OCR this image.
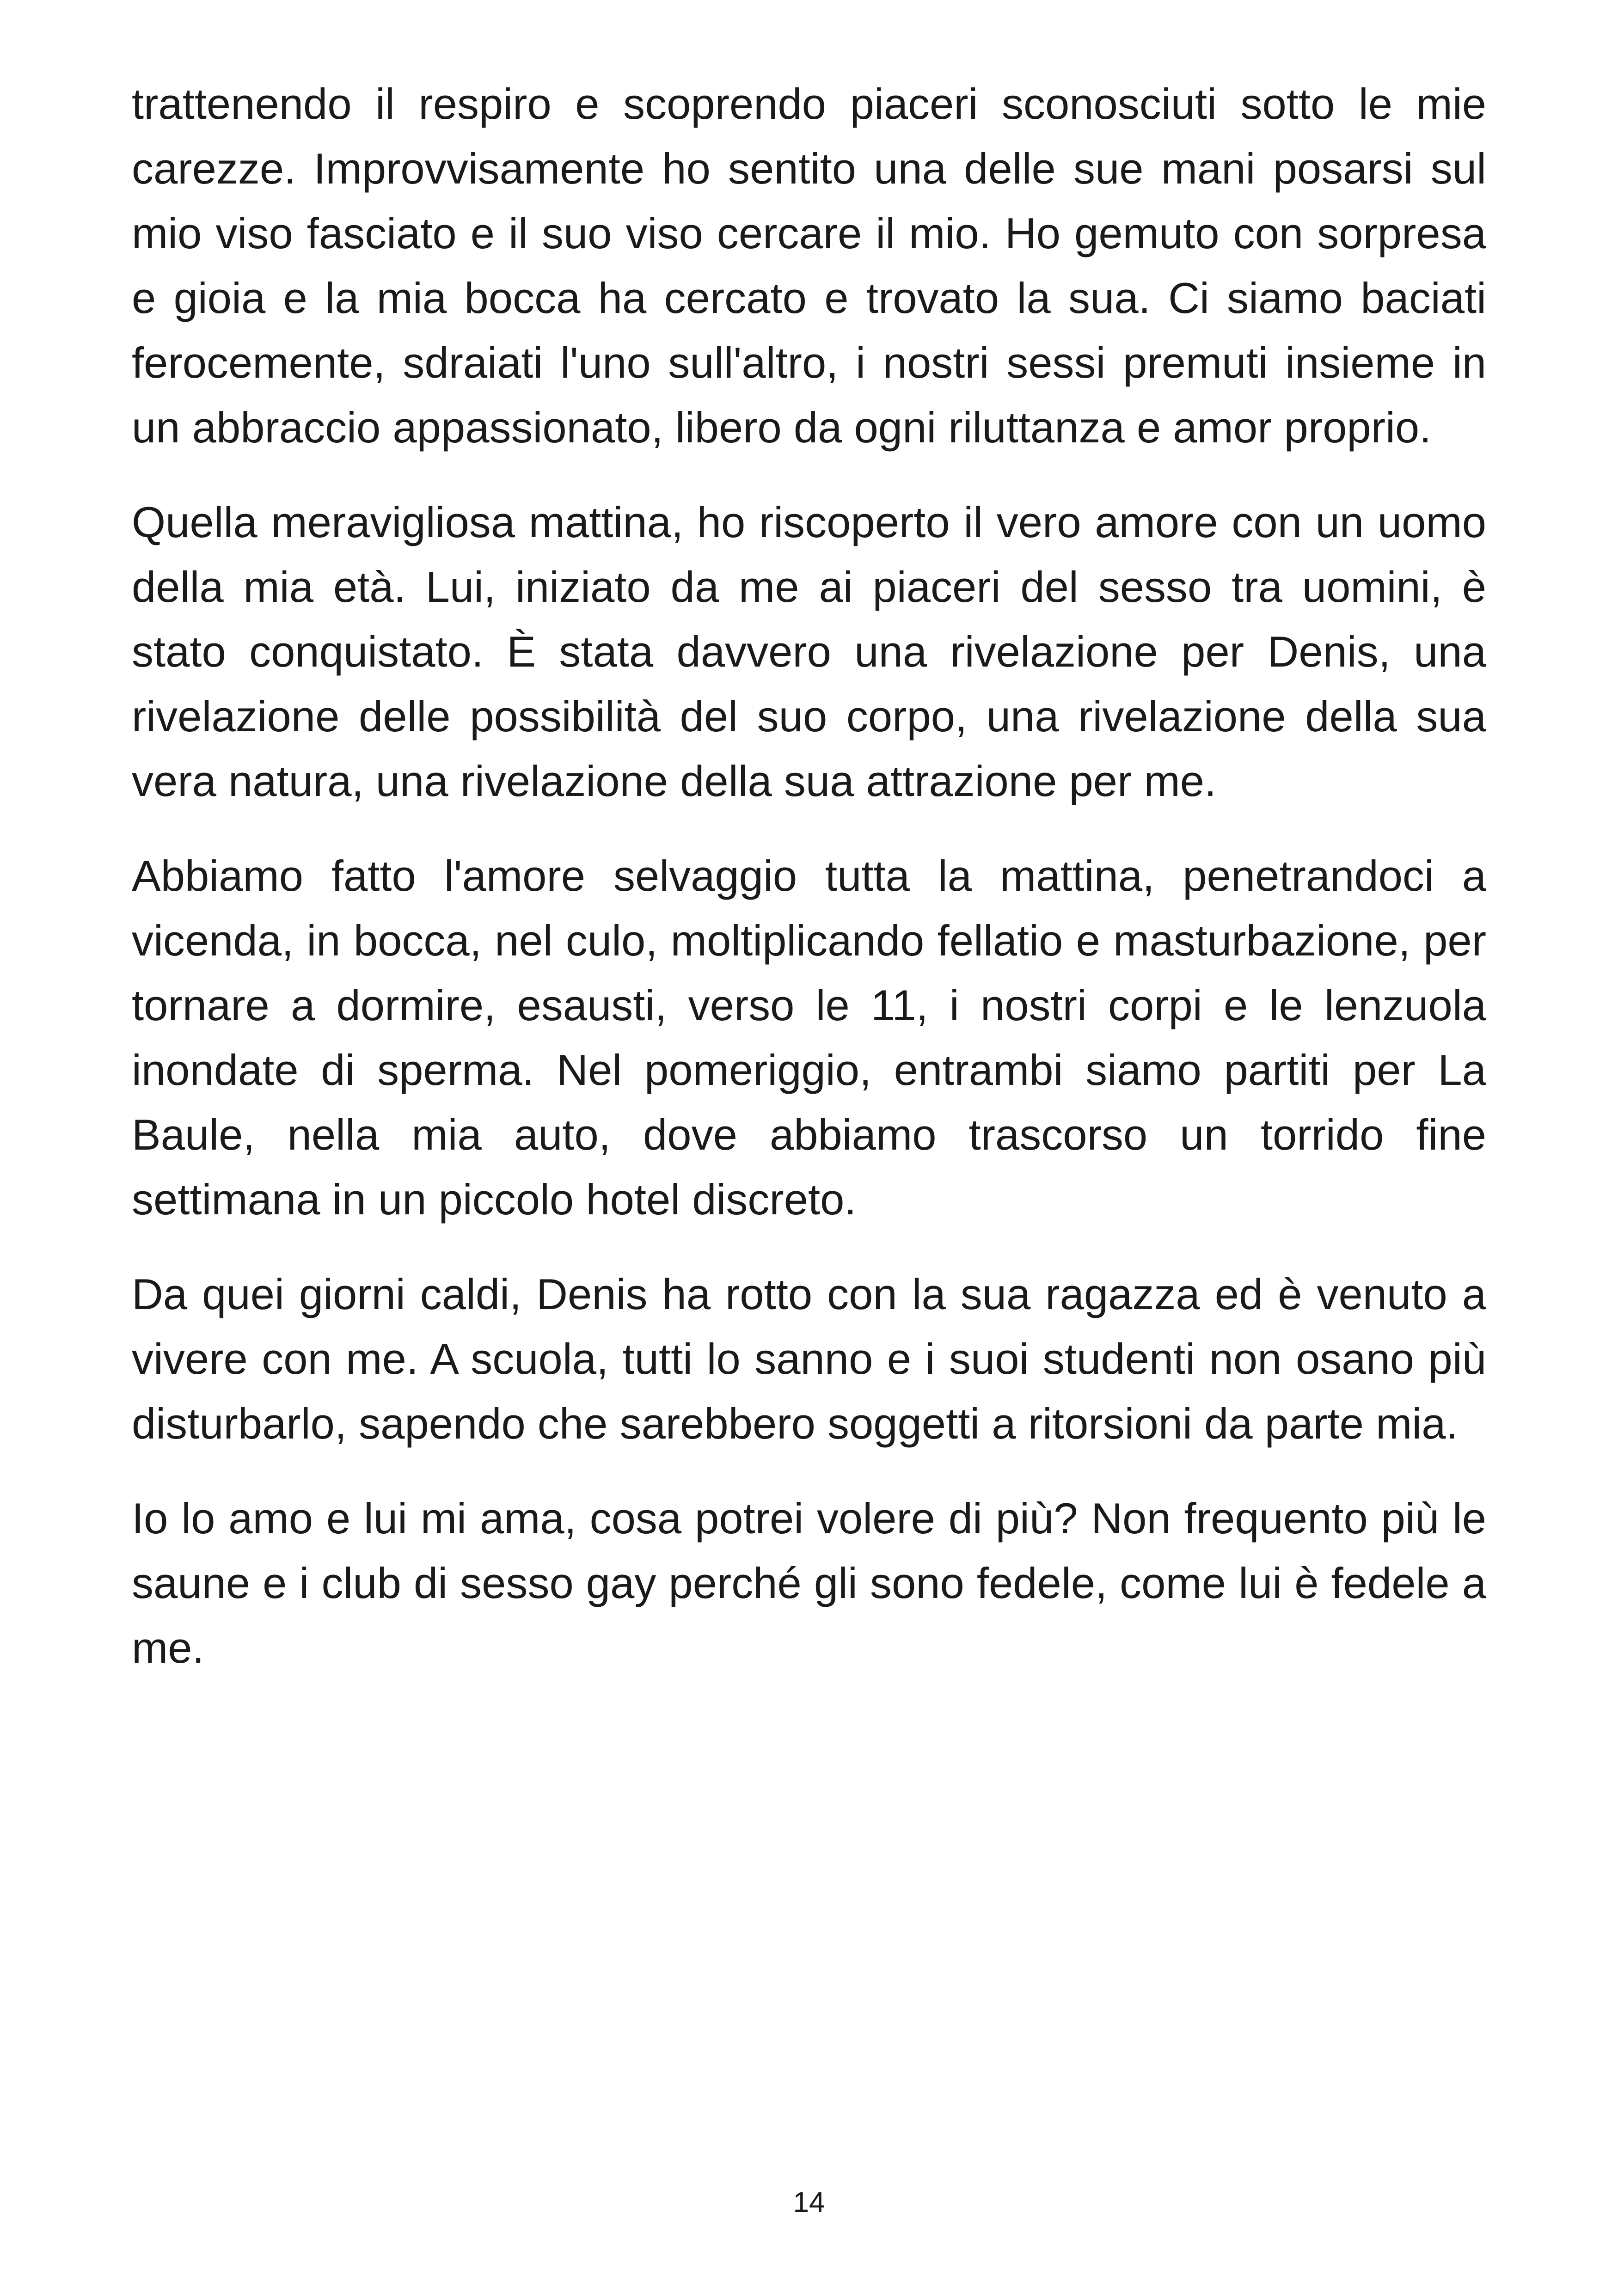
trattenendo il respiro e scoprendo piaceri sconosciuti sotto le mie carezze. Improvvisamente ho sentito una delle sue mani posarsi sul mio viso fasciato e il suo viso cercare il mio. Ho gemuto con sorpresa e gioia e la mia bocca ha cercato e trovato la sua. Ci siamo baciati ferocemente, sdraiati l'uno sull'altro, i nostri sessi premuti insieme in un abbraccio appassionato, libero da ogni riluttanza e amor proprio.

Quella meravigliosa mattina, ho riscoperto il vero amore con un uomo della mia età. Lui, iniziato da me ai piaceri del sesso tra uomini, è stato conquistato. È stata davvero una rivelazione per Denis, una rivelazione delle possibilità del suo corpo, una rivelazione della sua vera natura, una rivelazione della sua attrazione per me.

Abbiamo fatto l'amore selvaggio tutta la mattina, penetrandoci a vicenda, in bocca, nel culo, moltiplicando fellatio e masturbazione, per tornare a dormire, esausti, verso le 11, i nostri corpi e le lenzuola inondate di sperma. Nel pomeriggio, entrambi siamo partiti per La Baule, nella mia auto, dove abbiamo trascorso un torrido fine settimana in un piccolo hotel discreto.

Da quei giorni caldi, Denis ha rotto con la sua ragazza ed è venuto a vivere con me. A scuola, tutti lo sanno e i suoi studenti non osano più disturbarlo, sapendo che sarebbero soggetti a ritorsioni da parte mia.

Io lo amo e lui mi ama, cosa potrei volere di più? Non frequento più le saune e i club di sesso gay perché gli sono fedele, come lui è fedele a me.

14
